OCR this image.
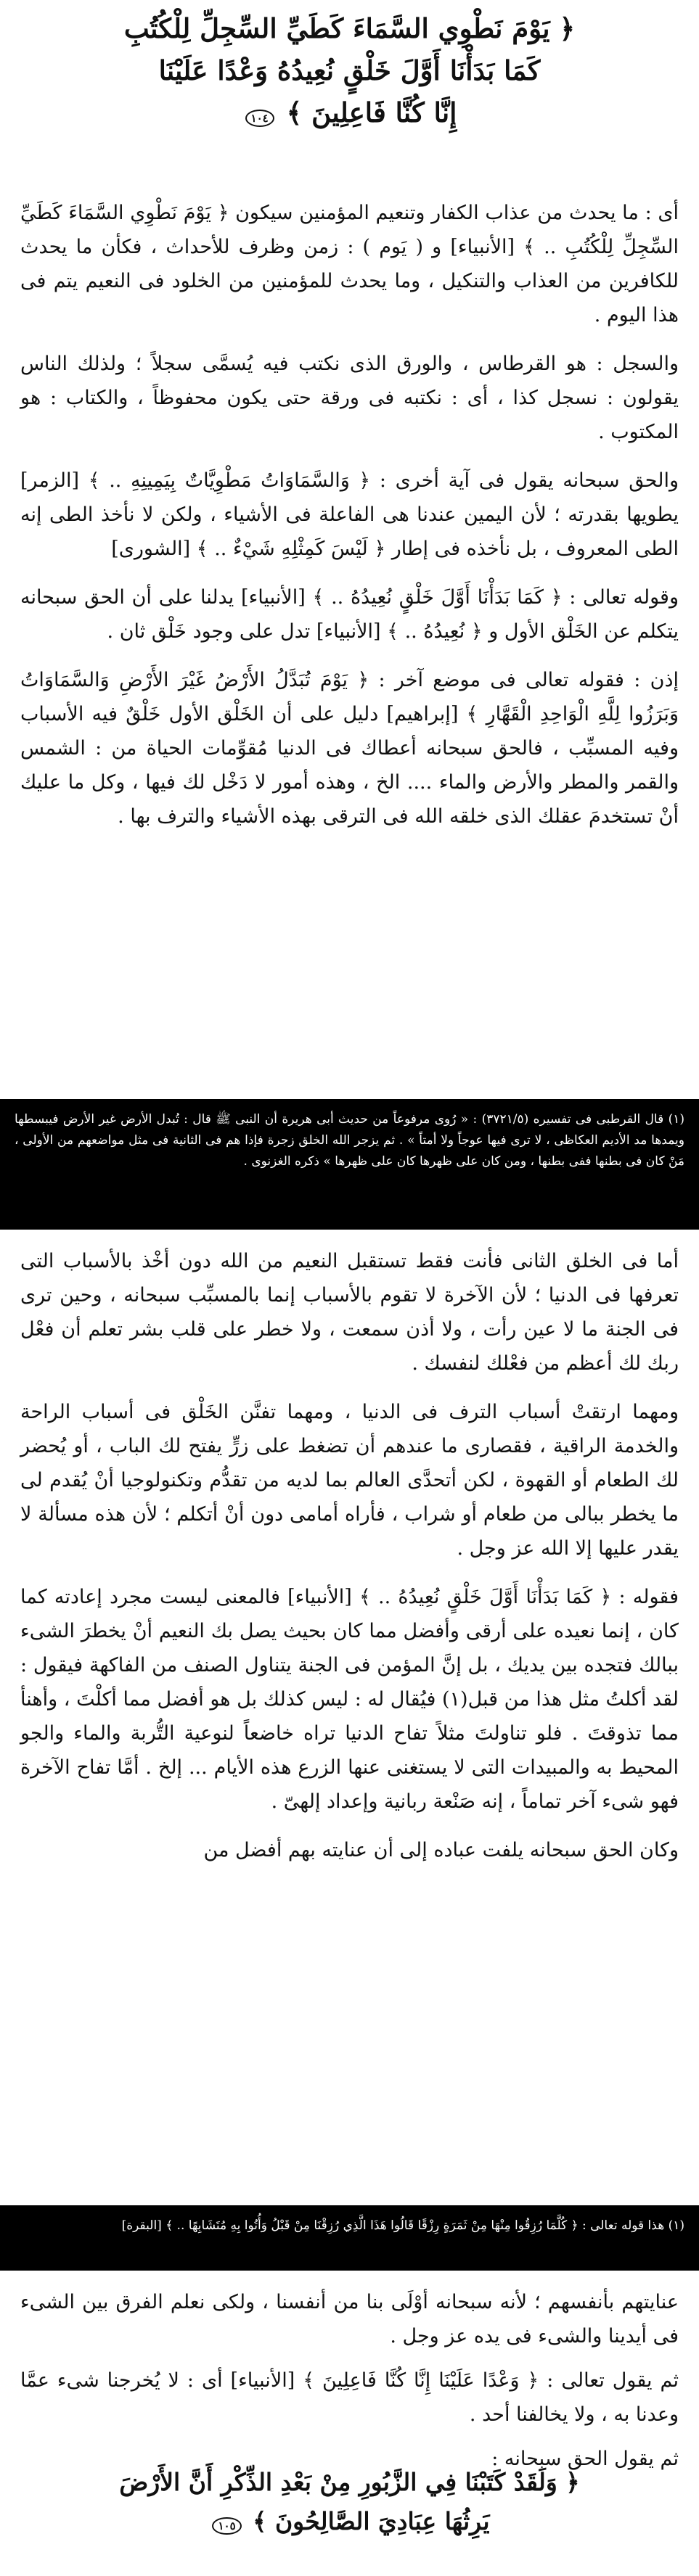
﴿ يَوْمَ نَطْوِي السَّمَاءَ كَطَيِّ السِّجِلِّ لِلْكُتُبِ
كَمَا بَدَأْنَا أَوَّلَ خَلْقٍ نُعِيدُهُ وَعْدًا عَلَيْنَا
إِنَّا كُنَّا فَاعِلِينَ ﴾ ١٠٤

أى : ما يحدث من عذاب الكفار وتنعيم المؤمنين سيكون ﴿ يَوْمَ نَطْوِي السَّمَاءَ كَطَيِّ السِّجِلِّ لِلْكُتُبِ .. ﴾ [الأنبياء] و ( يَوم ) : زمن وظرف للأحداث ، فكأن ما يحدث للكافرين من العذاب والتنكيل ، وما يحدث للمؤمنين من الخلود فى النعيم يتم فى هذا اليوم .

والسجل : هو القرطاس ، والورق الذى نكتب فيه يُسمَّى سجلاً ؛ ولذلك الناس يقولون : نسجل كذا ، أى : نكتبه فى ورقة حتى يكون محفوظاً ، والكتاب : هو المكتوب .

والحق سبحانه يقول فى آية أخرى : ﴿ وَالسَّمَاوَاتُ مَطْوِيَّاتٌ بِيَمِينِهِ .. ﴾ [الزمر] يطويها بقدرته ؛ لأن اليمين عندنا هى الفاعلة فى الأشياء ، ولكن لا نأخذ الطى إنه الطى المعروف ، بل نأخذه فى إطار ﴿ لَيْسَ كَمِثْلِهِ شَيْءٌ .. ﴾ [الشورى]

وقوله تعالى : ﴿ كَمَا بَدَأْنَا أَوَّلَ خَلْقٍ نُعِيدُهُ .. ﴾ [الأنبياء] يدلنا على أن الحق سبحانه يتكلم عن الخَلْق الأول و ﴿ نُعِيدُهُ .. ﴾ [الأنبياء] تدل على وجود خَلْق ثان .

إذن : فقوله تعالى فى موضع آخر : ﴿ يَوْمَ تُبَدَّلُ الأَرْضُ غَيْرَ الأَرْضِ وَالسَّمَاوَاتُ وَبَرَزُوا لِلَّهِ الْوَاحِدِ الْقَهَّارِ ﴾ [إبراهيم] دليل على أن الخَلْق الأول خَلْقٌ فيه الأسباب وفيه المسبِّب ، فالحق سبحانه أعطاك فى الدنيا مُقوِّمات الحياة من : الشمس والقمر والمطر والأرض والماء .... الخ ، وهذه أمور لا دَخْل لك فيها ، وكل ما عليك أنْ تستخدمَ عقلك الذى خلقه الله فى الترقى بهذه الأشياء والترف بها .

(١) قال القرطبى فى تفسيره (٣٧٢١/٥) : « رُوى مرفوعاً من حديث أبى هريرة أن النبى ﷺ قال : تُبدل الأرض غير الأرض فيبسطها ويمدها مد الأديم العكاظى ، لا ترى فيها عوجاً ولا أمتاً » . ثم يزجر الله الخلق زجرة فإذا هم فى الثانية فى مثل مواضعهم من الأولى ، مَنْ كان فى بطنها ففى بطنها ، ومن كان على ظهرها كان على ظهرها » ذكره الغزنوى .

أما فى الخلق الثانى فأنت فقط تستقبل النعيم من الله دون أخْذ بالأسباب التى تعرفها فى الدنيا ؛ لأن الآخرة لا تقوم بالأسباب إنما بالمسبِّب سبحانه ، وحين ترى فى الجنة ما لا عين رأت ، ولا أذن سمعت ، ولا خطر على قلب بشر تعلم أن فعْل ربك لك أعظم من فعْلك لنفسك .

ومهما ارتقتْ أسباب الترف فى الدنيا ، ومهما تفنَّن الخَلْق فى أسباب الراحة والخدمة الراقية ، فقصارى ما عندهم أن تضغط على زرٍّ يفتح لك الباب ، أو يُحضر لك الطعام أو القهوة ، لكن أتحدَّى العالم بما لديه من تقدُّم وتكنولوجيا أنْ يُقدم لى ما يخطر ببالى من طعام أو شراب ، فأراه أمامى دون أنْ أتكلم ؛ لأن هذه مسألة لا يقدر عليها إلا الله عز وجل .

فقوله : ﴿ كَمَا بَدَأْنَا أَوَّلَ خَلْقٍ نُعِيدُهُ .. ﴾ [الأنبياء] فالمعنى ليست مجرد إعادته كما كان ، إنما نعيده على أرقى وأفضل مما كان بحيث يصل بك النعيم أنْ يخطرَ الشىء ببالك فتجده بين يديك ، بل إنَّ المؤمن فى الجنة يتناول الصنف من الفاكهة فيقول : لقد أكلتُ مثل هذا من قبل(١) فيُقال له : ليس كذلك بل هو أفضل مما أكلْتَ ، وأهنأ مما تذوقتَ . فلو تناولتَ مثلاً تفاح الدنيا تراه خاضعاً لنوعية التُّربة والماء والجو المحيط به والمبيدات التى لا يستغنى عنها الزرع هذه الأيام ... إلخ . أمَّا تفاح الآخرة فهو شىء آخر تماماً ، إنه صَنْعة ربانية وإعداد إلهىّ .

وكان الحق سبحانه يلفت عباده إلى أن عنايته بهم أفضل من

(١) هذا قوله تعالى : ﴿ كُلَّمَا رُزِقُوا مِنْهَا مِنْ ثَمَرَةٍ رِزْقًا قَالُوا هَذَا الَّذِي رُزِقْنَا مِنْ قَبْلُ وَأُتُوا بِهِ مُتَشَابِهًا .. ﴾ [البقرة]

عنايتهم بأنفسهم ؛ لأنه سبحانه أوْلَى بنا من أنفسنا ، ولكى نعلم الفرق بين الشىء فى أيدينا والشىء فى يده عز وجل .

ثم يقول تعالى : ﴿ وَعْدًا عَلَيْنَا إِنَّا كُنَّا فَاعِلِينَ ﴾ [الأنبياء] أى : لا يُخرجنا شىء عمَّا وعدنا به ، ولا يخالفنا أحد .

ثم يقول الحق سبحانه :

﴿ وَلَقَدْ كَتَبْنَا فِي الزَّبُورِ مِنْ بَعْدِ الذِّكْرِ أَنَّ الأَرْضَ
يَرِثُهَا عِبَادِيَ الصَّالِحُونَ ﴾ ١٠٥
